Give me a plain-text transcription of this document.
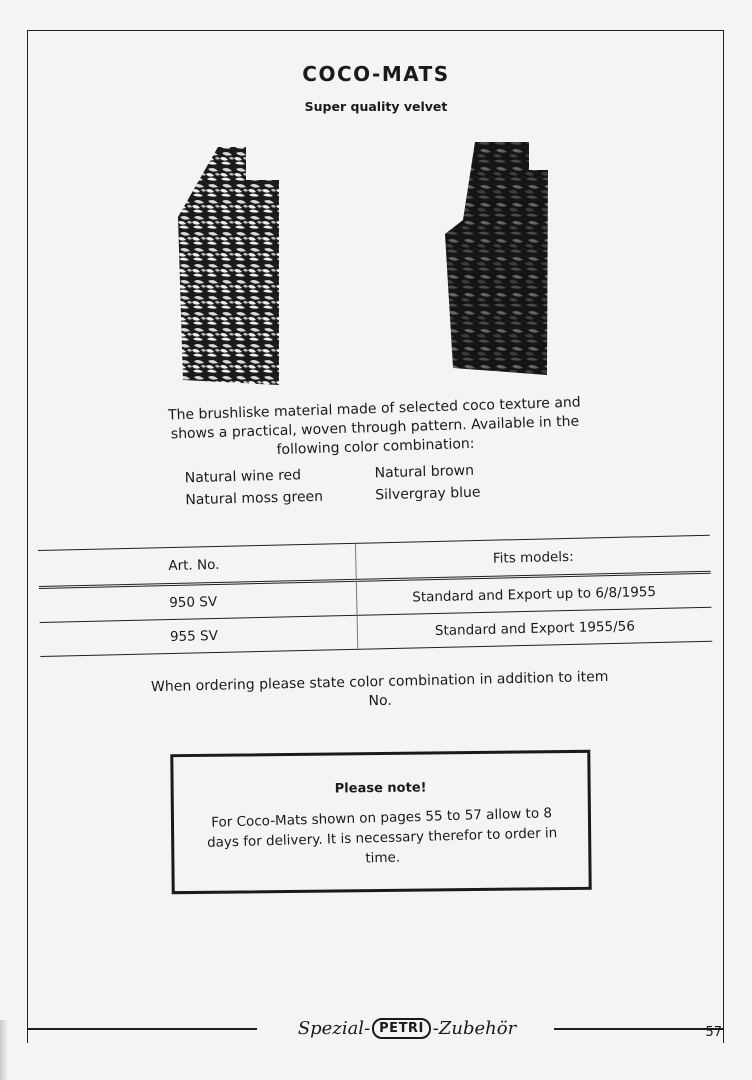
COCO-MATS
Super quality velvet
The brushliske material made of selected coco texture and shows a practical, woven through pattern. Available in the following color combination:
Natural wine red	Natural brown
Natural moss green	Silvergray blue
Art. No.	Fits models:
950 SV	Standard and Export up to 6/8/1955
955 SV	Standard and Export 1955/56
When ordering please state color combination in addition to item No.
Please note!
For Coco-Mats shown on pages 55 to 57 allow to 8 days for delivery. It is necessary therefor to order in time.
Spezial- PETRI -Zubehör	57
